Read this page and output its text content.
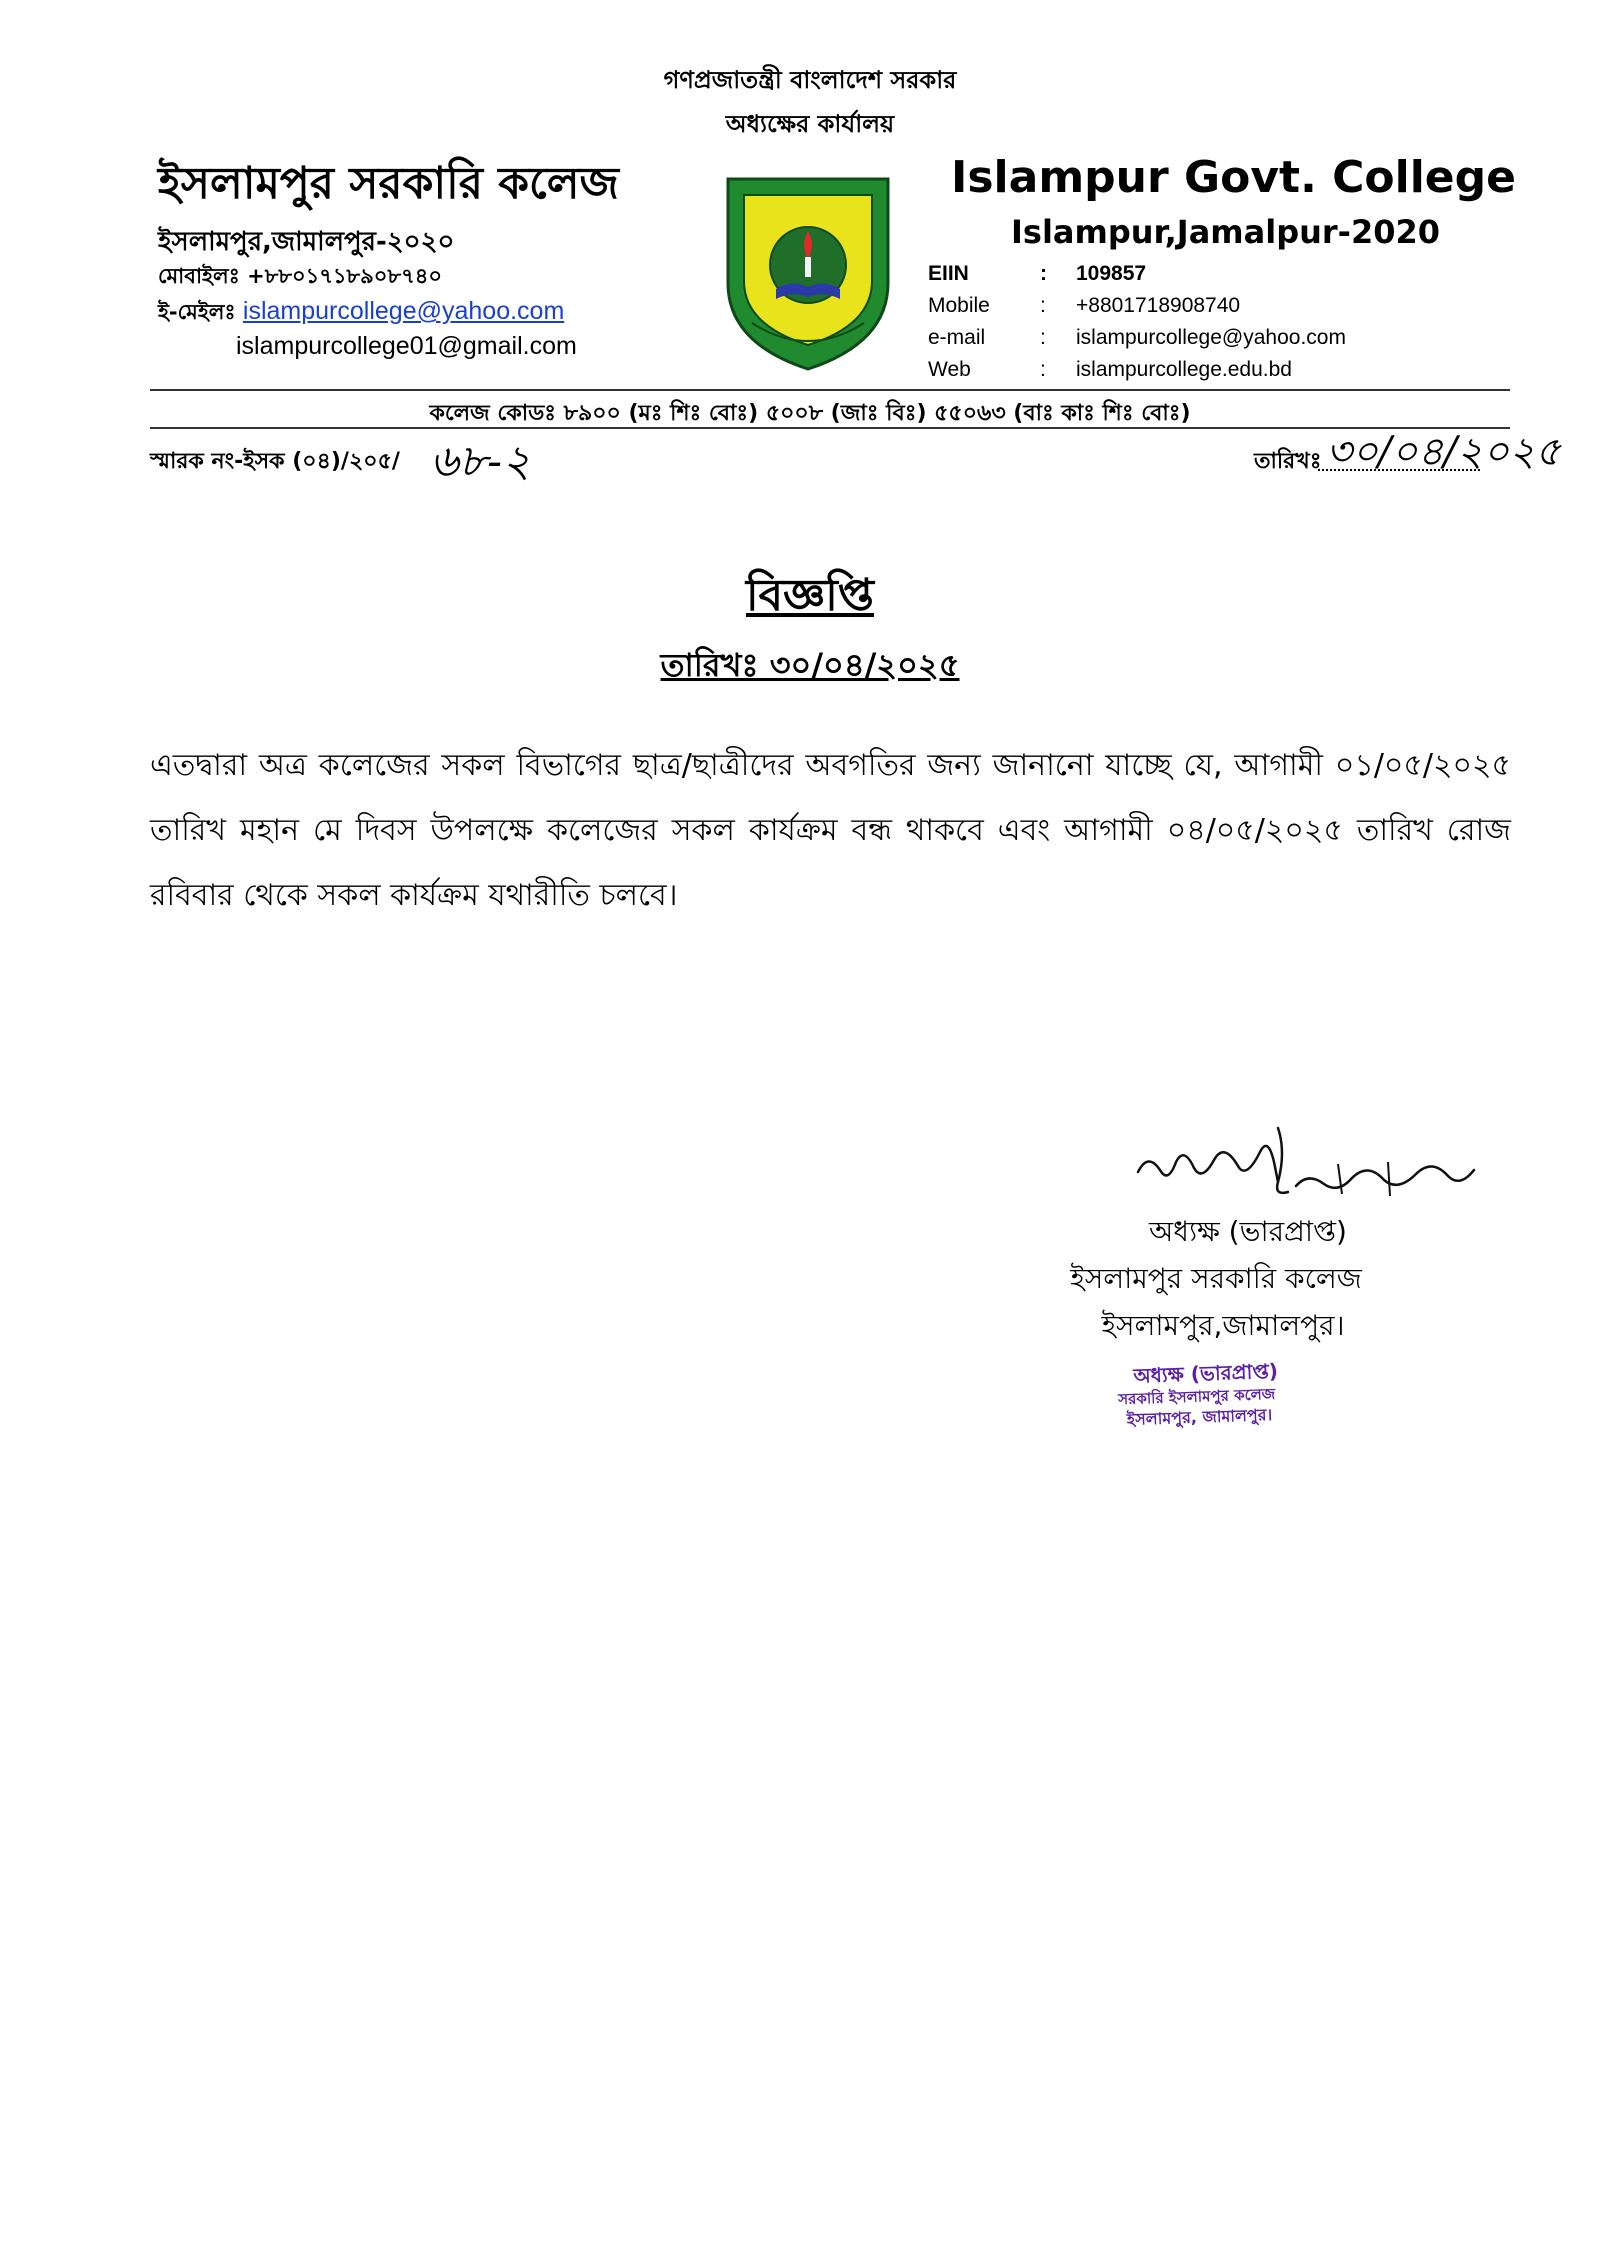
গণপ্রজাতন্ত্রী বাংলাদেশ সরকার
অধ্যক্ষের কার্যালয়
ইসলামপুর সরকারি কলেজ
ইসলামপুর,জামালপুর-২০২০
মোবাইলঃ +৮৮০১৭১৮৯০৮৭৪০
ই-মেইলঃ islampurcollege@yahoo.com
islampurcollege01@gmail.com
Islampur Govt. College
Islampur,Jamalpur-2020
EIIN	:	109857
Mobile	:	+8801718908740
e-mail	:	islampurcollege@yahoo.com
Web	:	islampurcollege.edu.bd
কলেজ কোডঃ ৮৯০০ (মঃ শিঃ বোঃ) ৫০০৮ (জাঃ বিঃ) ৫৫০৬৩ (বাঃ কাঃ শিঃ বোঃ)
স্মারক নং-ইসক (০৪)/২০৫/ ৬৮-২	তারিখঃ ৩০/০৪/২০২৫
বিজ্ঞপ্তি
তারিখঃ ৩০/০৪/২০২৫
এতদ্বারা অত্র কলেজের সকল বিভাগের ছাত্র/ছাত্রীদের অবগতির জন্য জানানো যাচ্ছে যে, আগামী ০১/০৫/২০২৫ তারিখ মহান মে দিবস উপলক্ষে কলেজের সকল কার্যক্রম বন্ধ থাকবে এবং আগামী ০৪/০৫/২০২৫ তারিখ রোজ রবিবার থেকে সকল কার্যক্রম যথারীতি চলবে।
অধ্যক্ষ (ভারপ্রাপ্ত)
ইসলামপুর সরকারি কলেজ
ইসলামপুর,জামালপুর।
অধ্যক্ষ (ভারপ্রাপ্ত)
সরকারি ইসলামপুর কলেজ
ইসলামপুর, জামালপুর।
